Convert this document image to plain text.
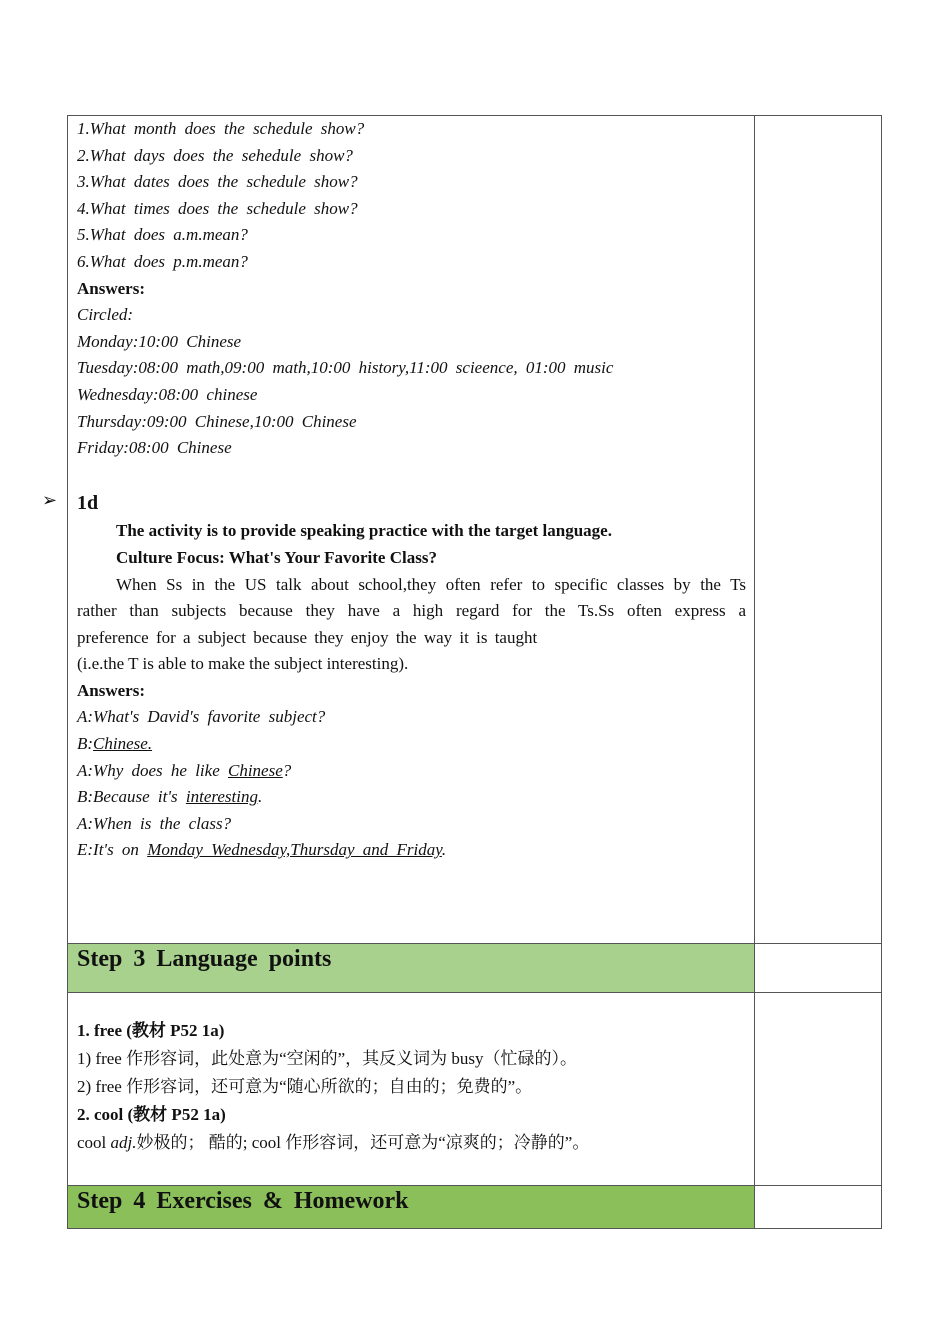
➢
1.What month does the schedule show?
2.What days does the sehedule show?
3.What dates does the schedule show?
4.What times does the schedule show?
5.What does a.m.mean?
6.What does p.m.mean?
Answers:
Circled:
Monday:10:00 Chinese
Tuesday:08:00 math,09:00 math,10:00 history,11:00 scieence, 01:00 music
Wednesday:08:00 chinese
Thursday:09:00 Chinese,10:00 Chinese
Friday:08:00 Chinese
1d
The activity is to provide speaking practice with the target language.
Culture Focus: What's Your Favorite Class?
When Ss in the US talk about school,they often refer to specific classes by the Ts rather than subjects because they have a high regard for the Ts.Ss often express a preference for a subject because they enjoy the way it is taught
(i.e.the T is able to make the subject interesting).
Answers:
A:What's David's favorite subject?
B:Chinese.
A:Why does he like Chinese?
B:Because it's interesting.
A:When is the class?
E:It's on Monday Wednesday,Thursday and Friday.
Step 3 Language points
1. free (教材 P52 1a)
1) free 作形容词，此处意为“空闲的”，其反义词为 busy（忙碌的）。
2) free 作形容词，还可意为“随心所欲的；自由的；免费的”。
2. cool (教材 P52 1a)
cool adj.妙极的； 酷的; cool 作形容词，还可意为“凉爽的；冷静的”。
Step 4 Exercises & Homework
